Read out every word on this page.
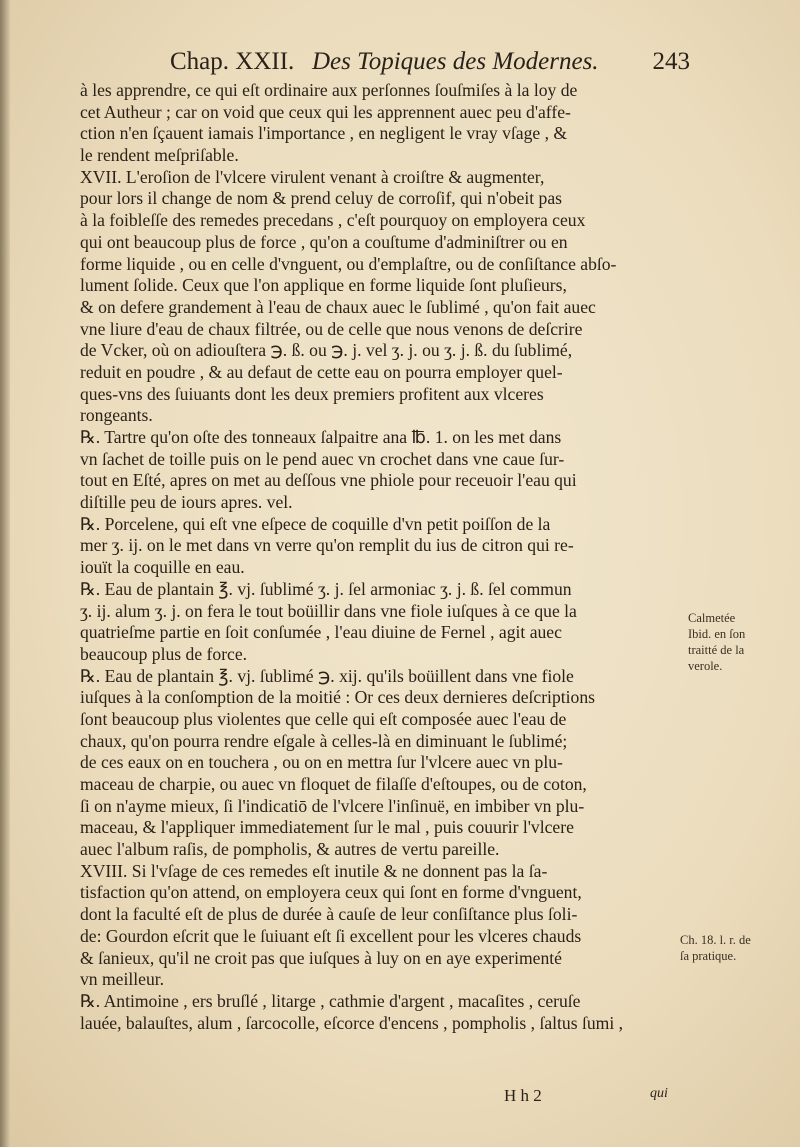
Chap. XXII. Des Topiques des Modernes. 243
à les apprendre, ce qui eſt ordinaire aux perſonnes ſouſmiſes à la loy de
cet Autheur ; car on void que ceux qui les apprennent auec peu d'affe-
ction n'en ſçauent iamais l'importance , en negligent le vray vſage , &
le rendent meſpriſable.
XVII. L'eroſion de l'vlcere virulent venant à croiſtre & augmenter,
pour lors il change de nom & prend celuy de corroſif, qui n'obeit pas
à la foibleſſe des remedes precedans , c'eſt pourquoy on employera ceux
qui ont beaucoup plus de force , qu'on a couſtume d'adminiſtrer ou en
forme liquide , ou en celle d'vnguent, ou d'emplaſtre, ou de conſiſtance abſo-
lument ſolide. Ceux que l'on applique en forme liquide ſont pluſieurs,
& on defere grandement à l'eau de chaux auec le ſublimé , qu'on fait auec
vne liure d'eau de chaux filtrée, ou de celle que nous venons de deſcrire
de Vcker, où on adiouſtera ℈. ß. ou ℈. j. vel ʒ. j. ou ʒ. j. ß. du ſublimé,
reduit en poudre , & au defaut de cette eau on pourra employer quel-
ques-vns des ſuiuants dont les deux premiers profitent aux vlceres
rongeants.
℞. Tartre qu'on oſte des tonneaux ſalpaitre ana ℔. 1. on les met dans
vn ſachet de toille puis on le pend auec vn crochet dans vne caue ſur-
tout en Eſté, apres on met au deſſous vne phiole pour receuoir l'eau qui
diſtille peu de iours apres. vel.
℞. Porcelene, qui eſt vne eſpece de coquille d'vn petit poiſſon de la
mer ʒ. ij. on le met dans vn verre qu'on remplit du ius de citron qui re-
iouït la coquille en eau.
℞. Eau de plantain ℥. vj. ſublimé ʒ. j. ſel armoniac ʒ. j. ß. ſel commun
ʒ. ij. alum ʒ. j. on fera le tout boüillir dans vne fiole iuſques à ce que la
quatrieſme partie en ſoit conſumée , l'eau diuine de Fernel , agit auec
beaucoup plus de force.
℞. Eau de plantain ℥. vj. ſublimé ℈. xij. qu'ils boüillent dans vne fiole
iuſques à la conſomption de la moitié : Or ces deux dernieres deſcriptions
ſont beaucoup plus violentes que celle qui eſt composée auec l'eau de
chaux, qu'on pourra rendre eſgale à celles-là en diminuant le ſublimé;
de ces eaux on en touchera , ou on en mettra ſur l'vlcere auec vn plu-
maceau de charpie, ou auec vn floquet de filaſſe d'eſtoupes, ou de coton,
ſi on n'ayme mieux, ſi l'indicatiō de l'vlcere l'inſinuë, en imbiber vn plu-
maceau, & l'appliquer immediatement ſur le mal , puis couurir l'vlcere
auec l'album raſis, de pompholis, & autres de vertu pareille.
XVIII. Si l'vſage de ces remedes eſt inutile & ne donnent pas la ſa-
tisfaction qu'on attend, on employera ceux qui ſont en forme d'vnguent,
dont la faculté eſt de plus de durée à cauſe de leur conſiſtance plus ſoli-
de: Gourdon eſcrit que le ſuiuant eſt ſi excellent pour les vlceres chauds
& ſanieux, qu'il ne croit pas que iuſques à luy on en aye experimenté
vn meilleur.
℞. Antimoine , ers bruſlé , litarge , cathmie d'argent , macaſites , ceruſe
lauée, balauſtes, alum , ſarcocolle, eſcorce d'encens , pompholis , ſaltus ſumi ,
Calmetée
Ibid. en ſon
traitté de la
verole.
Ch. 18. l. r. de
ſa pratique.
H h 2	qui
